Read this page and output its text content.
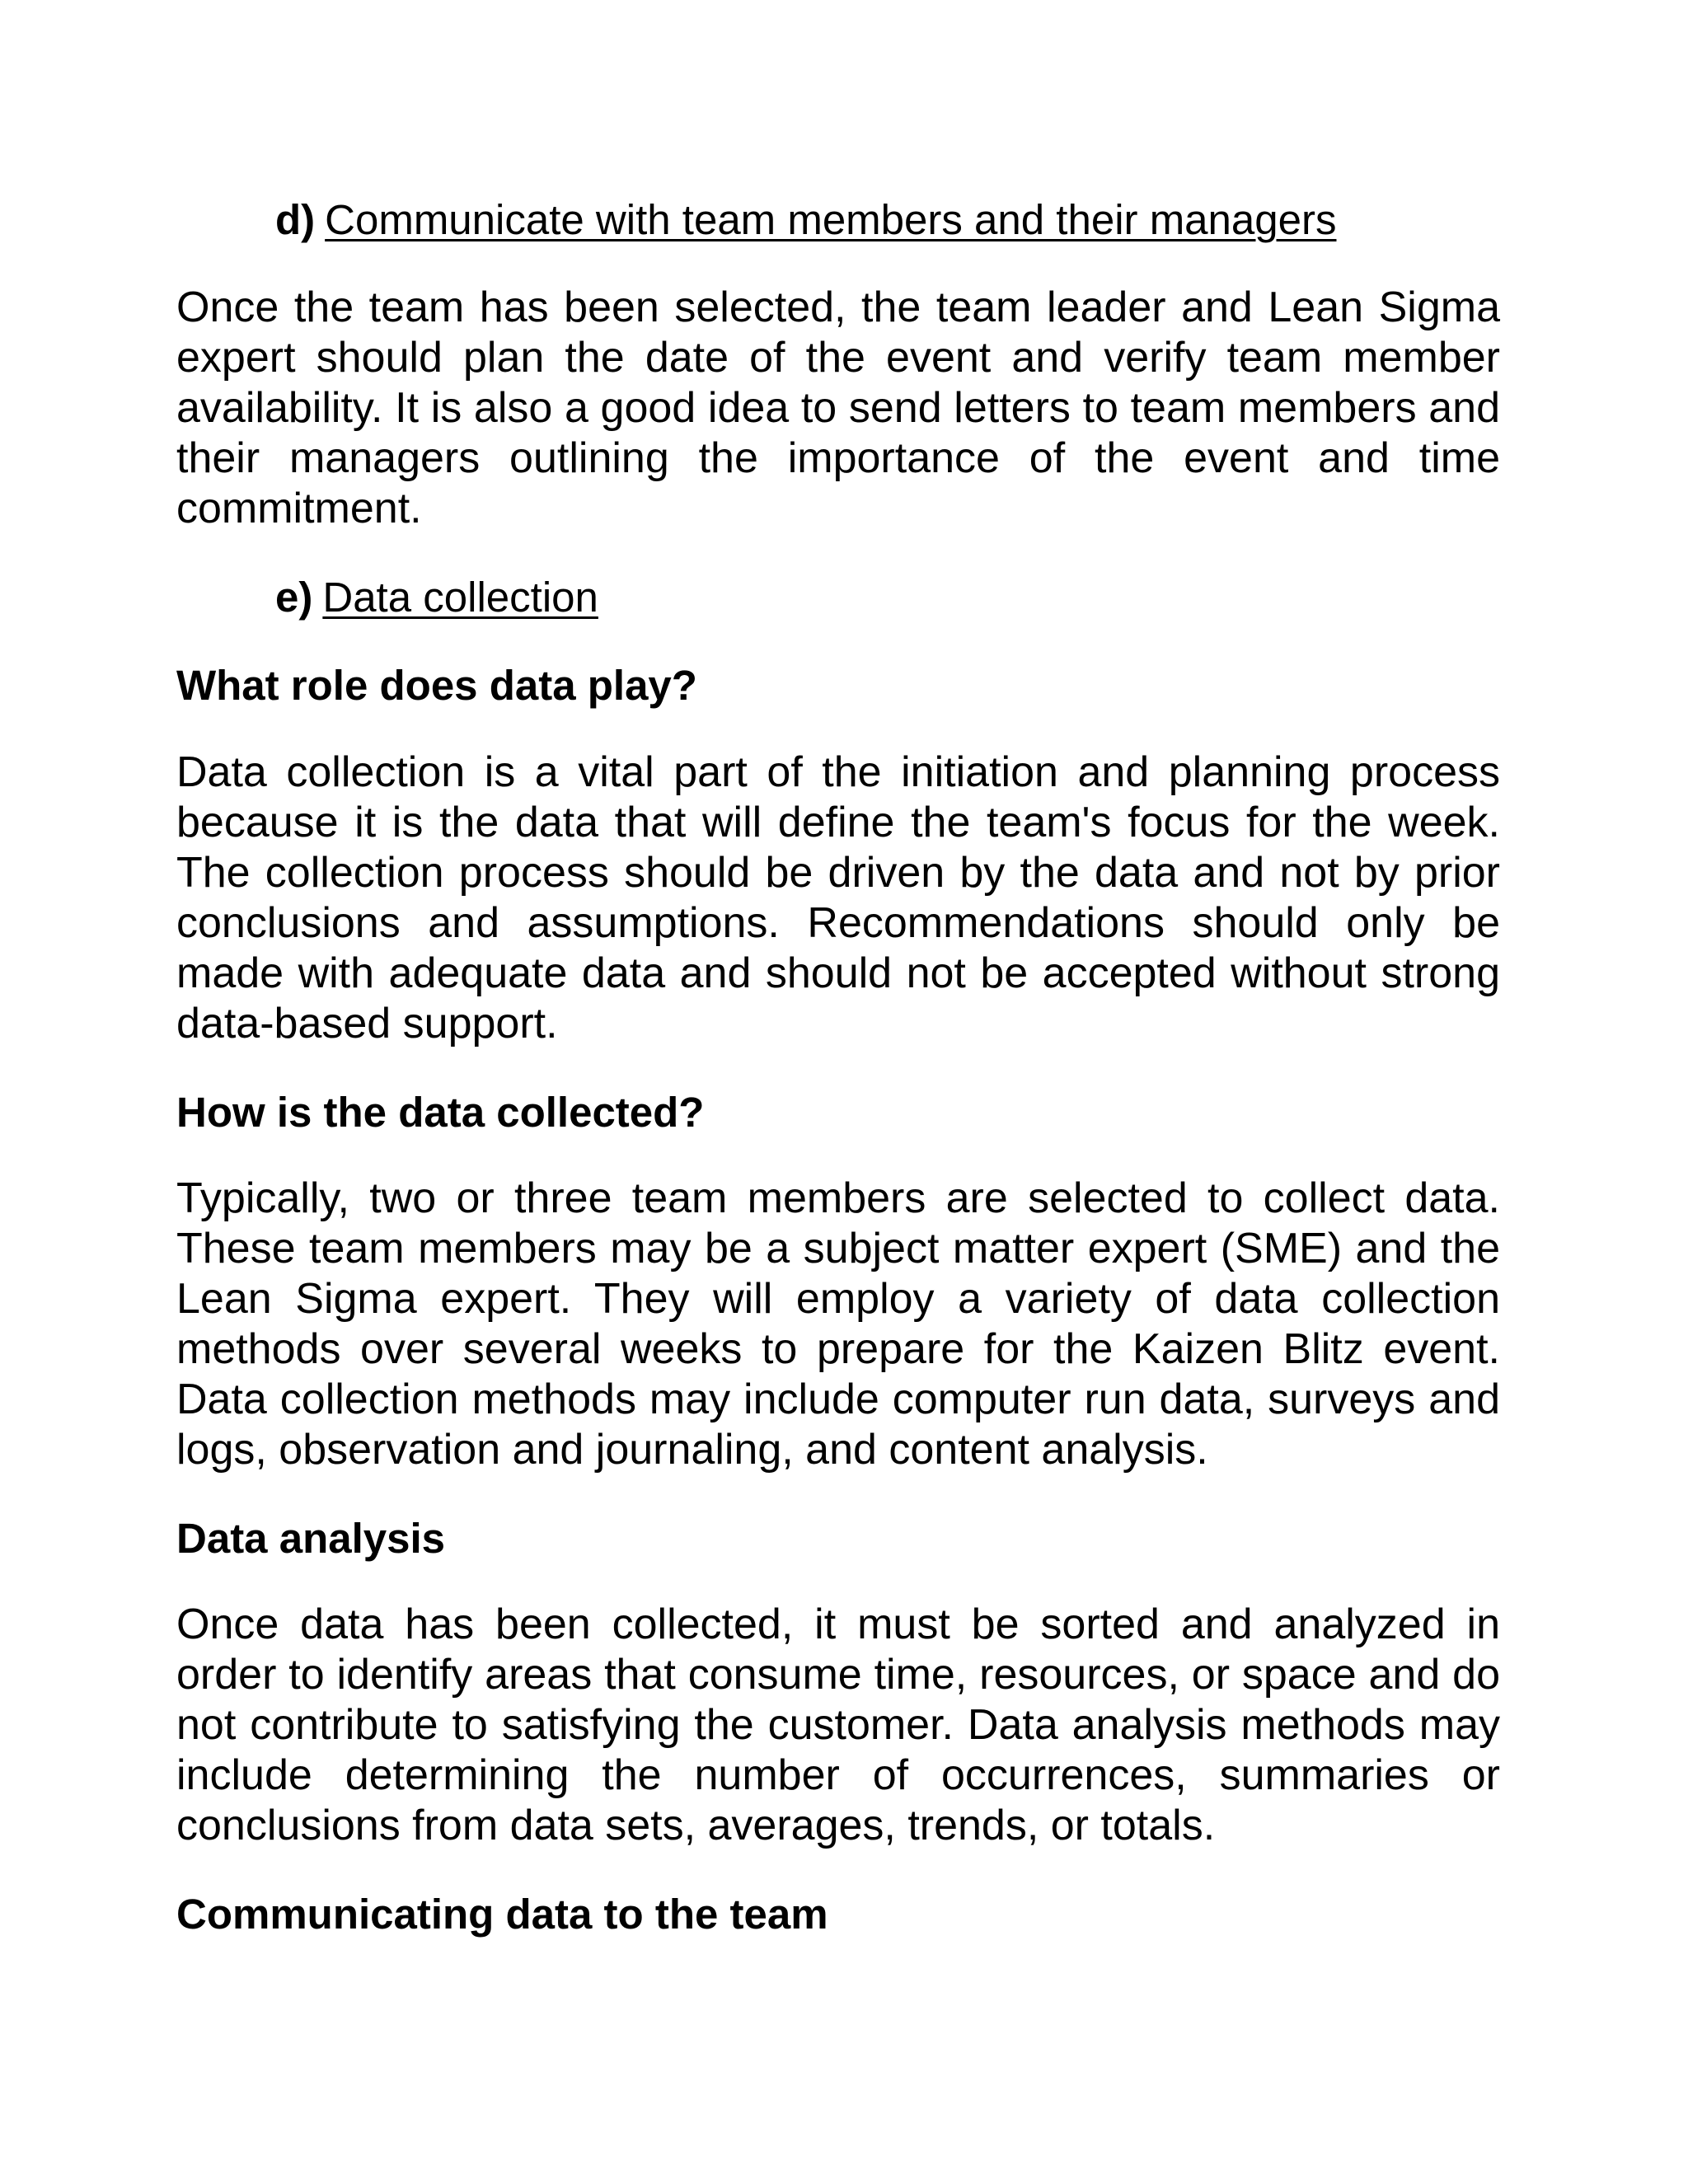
d) Communicate with team members and their managers

Once the team has been selected, the team leader and Lean Sigma expert should plan the date of the event and verify team member availability. It is also a good idea to send letters to team members and their managers outlining the importance of the event and time commitment.

e) Data collection
What role does data play?

Data collection is a vital part of the initiation and planning process because it is the data that will define the team's focus for the week. The collection process should be driven by the data and not by prior conclusions and assumptions. Recommendations should only be made with adequate data and should not be accepted without strong data-based support.

How is the data collected?

Typically, two or three team members are selected to collect data. These team members may be a subject matter expert (SME) and the Lean Sigma expert. They will employ a variety of data collection methods over several weeks to prepare for the Kaizen Blitz event. Data collection methods may include computer run data, surveys and logs, observation and journaling, and content analysis.

Data analysis

Once data has been collected, it must be sorted and analyzed in order to identify areas that consume time, resources, or space and do not contribute to satisfying the customer. Data analysis methods may include determining the number of occurrences, summaries or conclusions from data sets, averages, trends, or totals.

Communicating data to the team
